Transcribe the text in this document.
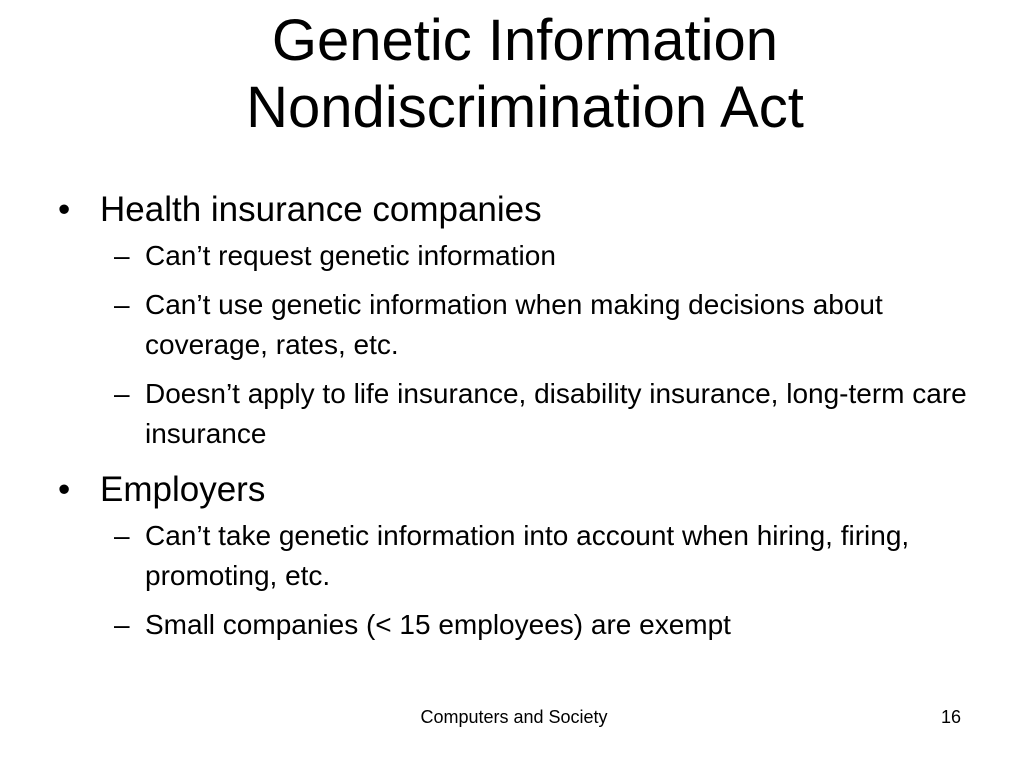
Genetic Information
Nondiscrimination Act
• Health insurance companies
– Can’t request genetic information
– Can’t use genetic information when making decisions about coverage, rates, etc.
– Doesn’t apply to life insurance, disability insurance, long-term care insurance
• Employers
– Can’t take genetic information into account when hiring, firing, promoting, etc.
– Small companies (< 15 employees) are exempt
Computers and Society	16
